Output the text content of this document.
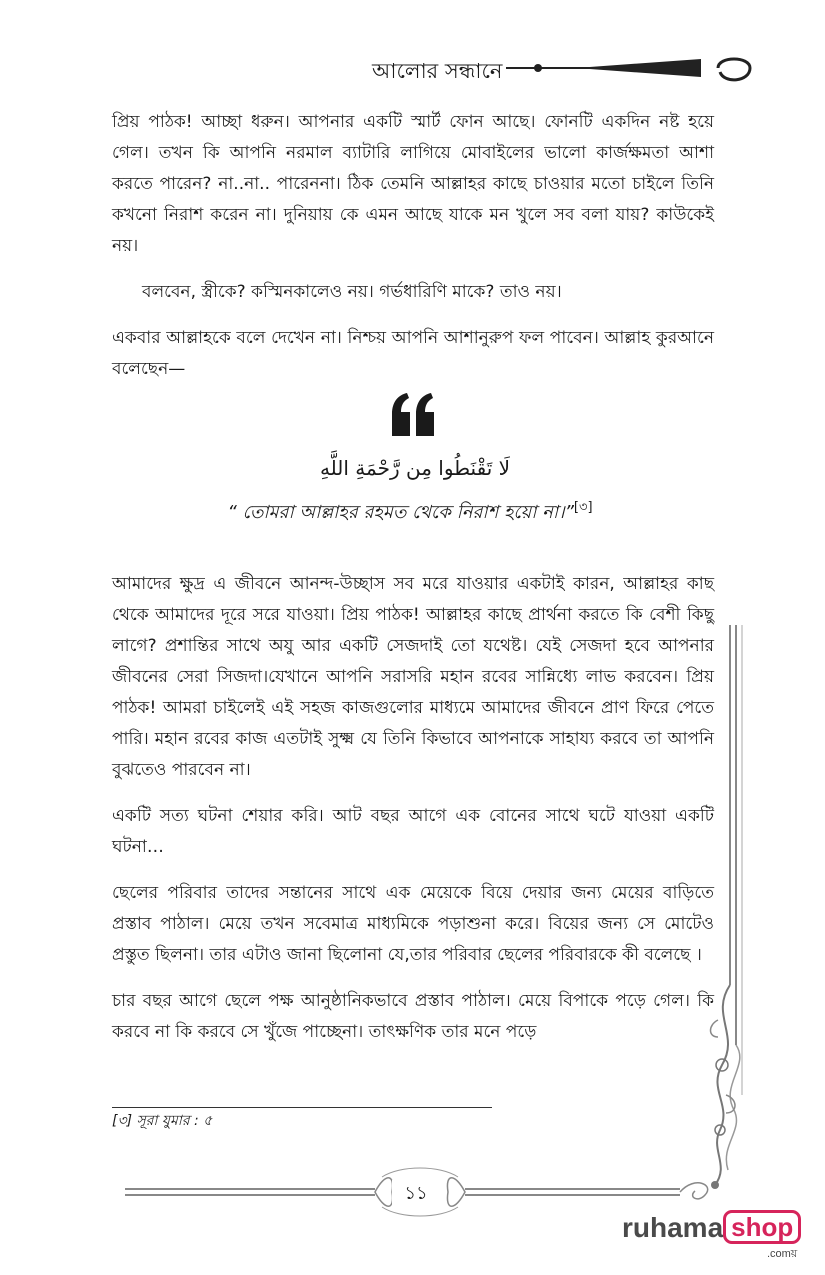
আলোর সন্ধানে

প্রিয় পাঠক! আচ্ছা ধরুন। আপনার একটি স্মার্ট ফোন আছে। ফোনটি একদিন নষ্ট হয়ে গেল। তখন কি আপনি নরমাল ব্যাটারি লাগিয়ে মোবাইলের ভালো কার্জক্ষমতা আশা করতে পারেন? না..না.. পারেননা। ঠিক তেমনি আল্লাহর কাছে চাওয়ার মতো চাইলে তিনি কখনো নিরাশ করেন না। দুনিয়ায় কে এমন আছে যাকে মন খুলে সব বলা যায়? কাউকেই নয়।

বলবেন, স্ত্রীকে? কস্মিনকালেও নয়। গর্ভধারিণি মাকে? তাও নয়।

একবার আল্লাহকে বলে দেখেন না। নিশ্চয় আপনি আশানুরুপ ফল পাবেন। আল্লাহ কুরআনে বলেছেন—

لَا تَقْنَطُوا مِن رَّحْمَةِ اللَّهِ
“ তোমরা আল্লাহর রহমত থেকে নিরাশ হয়ো না।”[৩]

আমাদের ক্ষুদ্র এ জীবনে আনন্দ-উচ্ছাস সব মরে যাওয়ার একটাই কারন, আল্লাহর কাছ থেকে আমাদের দূরে সরে যাওয়া। প্রিয় পাঠক! আল্লাহর কাছে প্রার্থনা করতে কি বেশী কিছু লাগে? প্রশান্তির সাথে অযু আর একটি সেজদাই তো যথেষ্ট। যেই সেজদা হবে আপনার জীবনের সেরা সিজদা।যেখানে আপনি সরাসরি মহান রবের সান্নিধ্যে লাভ করবেন। প্রিয় পাঠক! আমরা চাইলেই এই সহজ কাজগুলোর মাধ্যমে আমাদের জীবনে প্রাণ ফিরে পেতে পারি। মহান রবের কাজ এতটাই সুক্ষ্ম যে তিনি কিভাবে আপনাকে সাহায্য করবে তা আপনি বুঝতেও পারবেন না।

একটি সত্য ঘটনা শেয়ার করি। আট বছর আগে এক বোনের সাথে ঘটে যাওয়া একটি ঘটনা…

ছেলের পরিবার তাদের সন্তানের সাথে এক মেয়েকে বিয়ে দেয়ার জন্য মেয়ের বাড়িতে প্রস্তাব পাঠাল। মেয়ে তখন সবেমাত্র মাধ্যমিকে পড়াশুনা করে। বিয়ের জন্য সে মোটেও প্রস্তুত ছিলনা। তার এটাও জানা ছিলোনা যে,তার পরিবার ছেলের পরিবারকে কী বলেছে ।

চার বছর আগে ছেলে পক্ষ আনুষ্ঠানিকভাবে প্রস্তাব পাঠাল। মেয়ে বিপাকে পড়ে গেল। কি করবে না কি করবে সে খুঁজে পাচ্ছেনা। তাৎক্ষণিক তার মনে পড়ে

[৩] সূরা যুমার : ৫
১১
ruhama shop
.comয়
